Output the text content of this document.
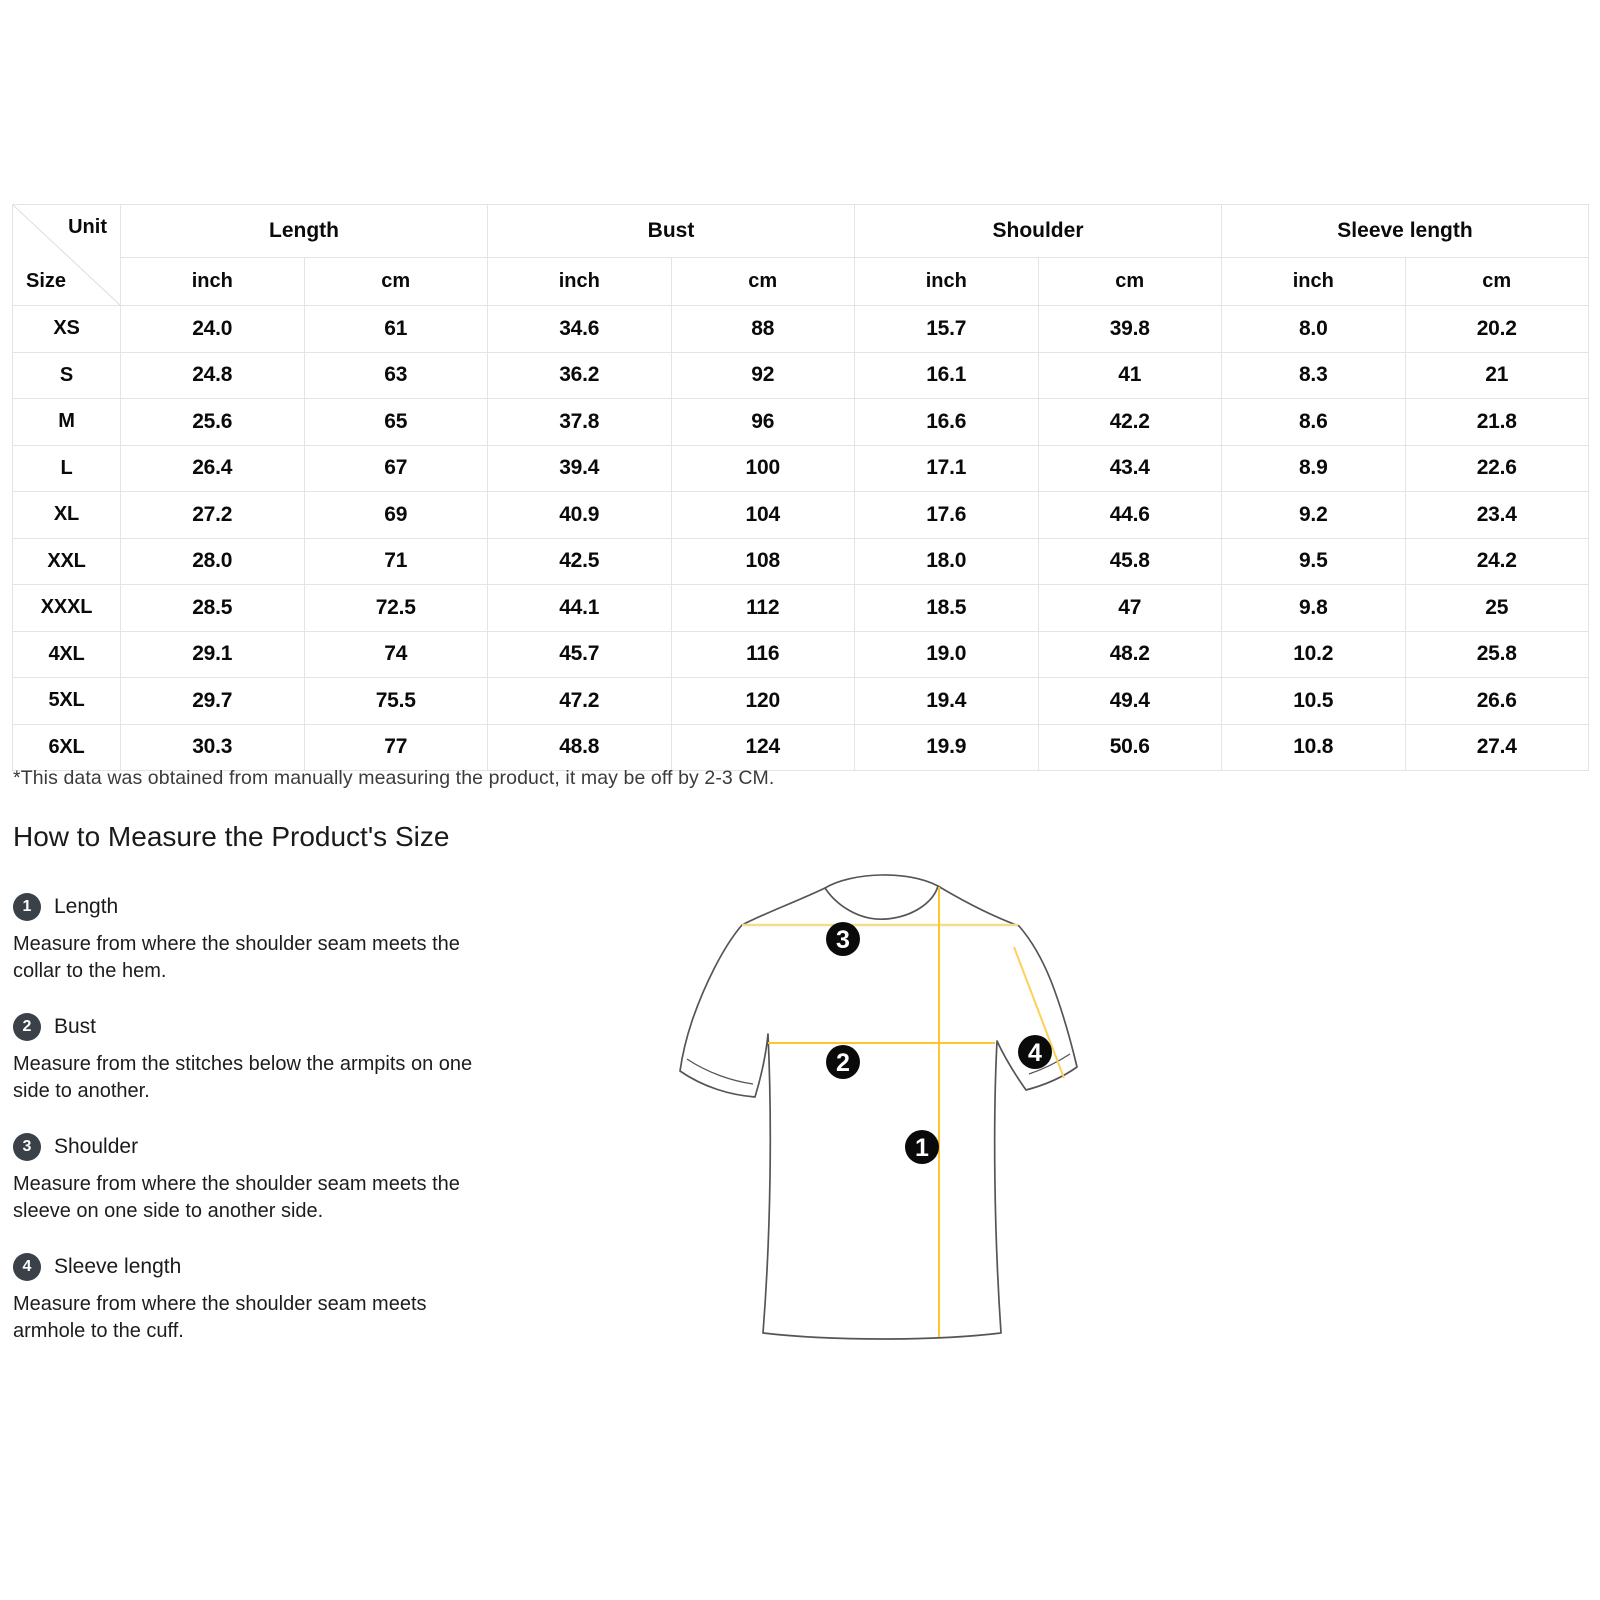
Unit
Size	Length		Bust		Shoulder		Sleeve length	
	inch	cm	inch	cm	inch	cm	inch	cm
XS	24.0	61	34.6	88	15.7	39.8	8.0	20.2
S	24.8	63	36.2	92	16.1	41	8.3	21
M	25.6	65	37.8	96	16.6	42.2	8.6	21.8
L	26.4	67	39.4	100	17.1	43.4	8.9	22.6
XL	27.2	69	40.9	104	17.6	44.6	9.2	23.4
XXL	28.0	71	42.5	108	18.0	45.8	9.5	24.2
XXXL	28.5	72.5	44.1	112	18.5	47	9.8	25
4XL	29.1	74	45.7	116	19.0	48.2	10.2	25.8
5XL	29.7	75.5	47.2	120	19.4	49.4	10.5	26.6
6XL	30.3	77	48.8	124	19.9	50.6	10.8	27.4
*This data was obtained from manually measuring the product, it may be off by 2-3 CM.
How to Measure the Product's Size
1	Length
Measure from where the shoulder seam meets the
collar to the hem.
2	Bust
Measure from the stitches below the armpits on one
side to another.
3	Shoulder
Measure from where the shoulder seam meets the
sleeve on one side to another side.
4	Sleeve length
Measure from where the shoulder seam meets
armhole to the cuff.
3
2
1
4
